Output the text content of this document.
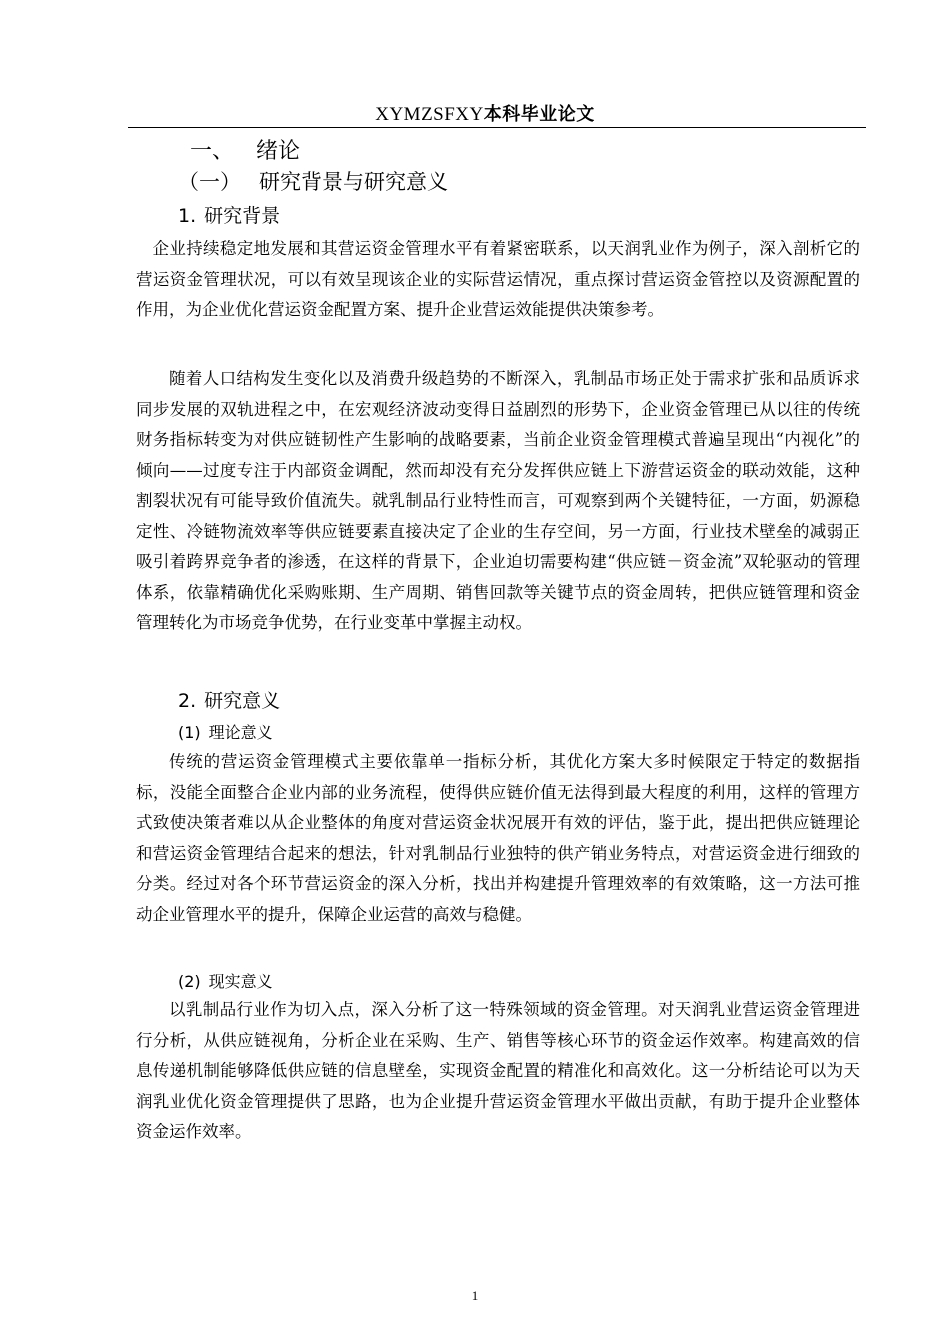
XYMZSFXY本科毕业论文
一、 绪论
（一） 研究背景与研究意义
1. 研究背景

企业持续稳定地发展和其营运资金管理水平有着紧密联系，以天润乳业作为例子，深入剖析它的营运资金管理状况，可以有效呈现该企业的实际营运情况，重点探讨营运资金管控以及资源配置的作用，为企业优化营运资金配置方案、提升企业营运效能提供决策参考。

随着人口结构发生变化以及消费升级趋势的不断深入，乳制品市场正处于需求扩张和品质诉求同步发展的双轨进程之中，在宏观经济波动变得日益剧烈的形势下，企业资金管理已从以往的传统财务指标转变为对供应链韧性产生影响的战略要素，当前企业资金管理模式普遍呈现出“内视化”的倾向——过度专注于内部资金调配，然而却没有充分发挥供应链上下游营运资金的联动效能，这种割裂状况有可能导致价值流失。就乳制品行业特性而言，可观察到两个关键特征，一方面，奶源稳定性、冷链物流效率等供应链要素直接决定了企业的生存空间，另一方面，行业技术壁垒的减弱正吸引着跨界竞争者的渗透，在这样的背景下，企业迫切需要构建“供应链－资金流”双轮驱动的管理体系，依靠精确优化采购账期、生产周期、销售回款等关键节点的资金周转，把供应链管理和资金管理转化为市场竞争优势，在行业变革中掌握主动权。

2. 研究意义
(1) 理论意义

传统的营运资金管理模式主要依靠单一指标分析，其优化方案大多时候限定于特定的数据指标，没能全面整合企业内部的业务流程，使得供应链价值无法得到最大程度的利用，这样的管理方式致使决策者难以从企业整体的角度对营运资金状况展开有效的评估，鉴于此，提出把供应链理论和营运资金管理结合起来的想法，针对乳制品行业独特的供产销业务特点，对营运资金进行细致的分类。经过对各个环节营运资金的深入分析，找出并构建提升管理效率的有效策略，这一方法可推动企业管理水平的提升，保障企业运营的高效与稳健。

(2) 现实意义

以乳制品行业作为切入点，深入分析了这一特殊领域的资金管理。对天润乳业营运资金管理进行分析，从供应链视角，分析企业在采购、生产、销售等核心环节的资金运作效率。构建高效的信息传递机制能够降低供应链的信息壁垒，实现资金配置的精准化和高效化。这一分析结论可以为天润乳业优化资金管理提供了思路，也为企业提升营运资金管理水平做出贡献，有助于提升企业整体资金运作效率。

1
